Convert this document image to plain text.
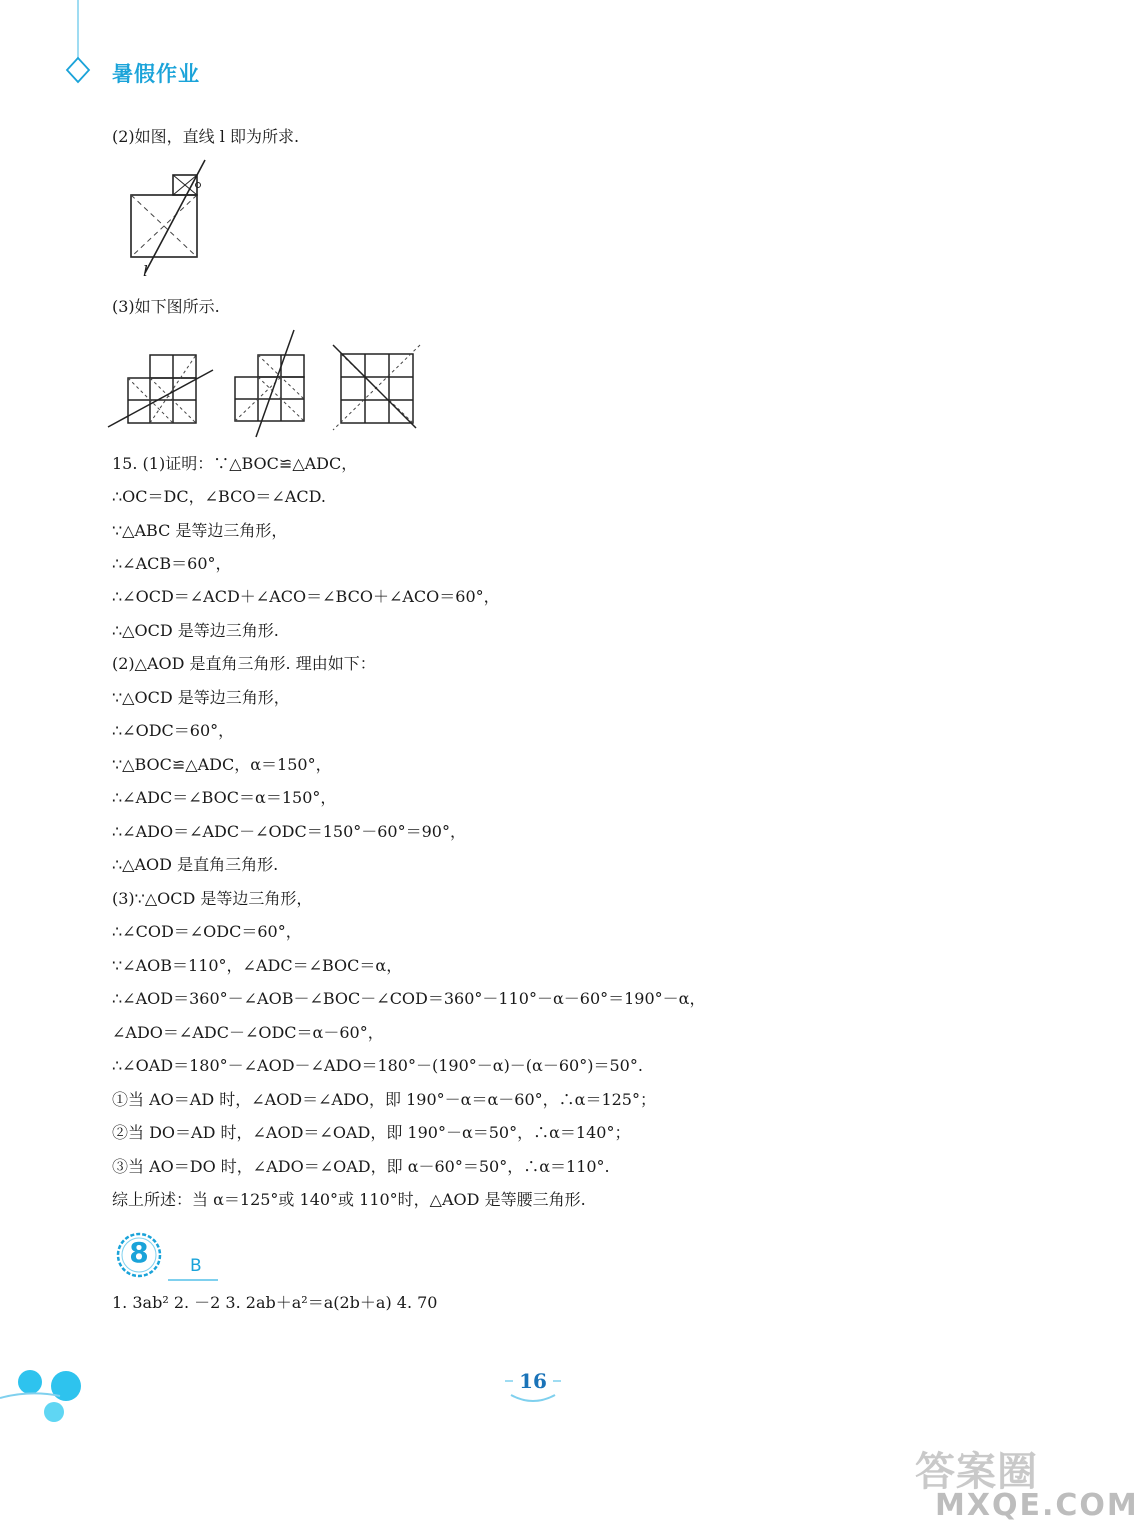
暑假作业
(2)如图，直线 l 即为所求.
l
(3)如下图所示.
15. (1)证明：∵△BOC≌△ADC，
∴OC＝DC，∠BCO＝∠ACD.
∵△ABC 是等边三角形，
∴∠ACB＝60°，
∴∠OCD＝∠ACD＋∠ACO＝∠BCO＋∠ACO＝60°，
∴△OCD 是等边三角形.
(2)△AOD 是直角三角形. 理由如下：
∵△OCD 是等边三角形，
∴∠ODC＝60°，
∵△BOC≌△ADC，α＝150°，
∴∠ADC＝∠BOC＝α＝150°，
∴∠ADO＝∠ADC－∠ODC＝150°－60°＝90°，
∴△AOD 是直角三角形.
(3)∵△OCD 是等边三角形，
∴∠COD＝∠ODC＝60°，
∵∠AOB＝110°，∠ADC＝∠BOC＝α，
∴∠AOD＝360°－∠AOB－∠BOC－∠COD＝360°－110°－α－60°＝190°－α，
∠ADO＝∠ADC－∠ODC＝α－60°，
∴∠OAD＝180°－∠AOD－∠ADO＝180°－(190°－α)－(α－60°)＝50°.
①当 AO＝AD 时，∠AOD＝∠ADO，即 190°－α＝α－60°，∴α＝125°；
②当 DO＝AD 时，∠AOD＝∠OAD，即 190°－α＝50°，∴α＝140°；
③当 AO＝DO 时，∠ADO＝∠OAD，即 α－60°＝50°，∴α＝110°.
综上所述：当 α＝125°或 140°或 110°时，△AOD 是等腰三角形.
8	B
1. 3ab² 2. －2 3. 2ab＋a²＝a(2b＋a) 4. 70
16
答案圈
MXQE.COM
